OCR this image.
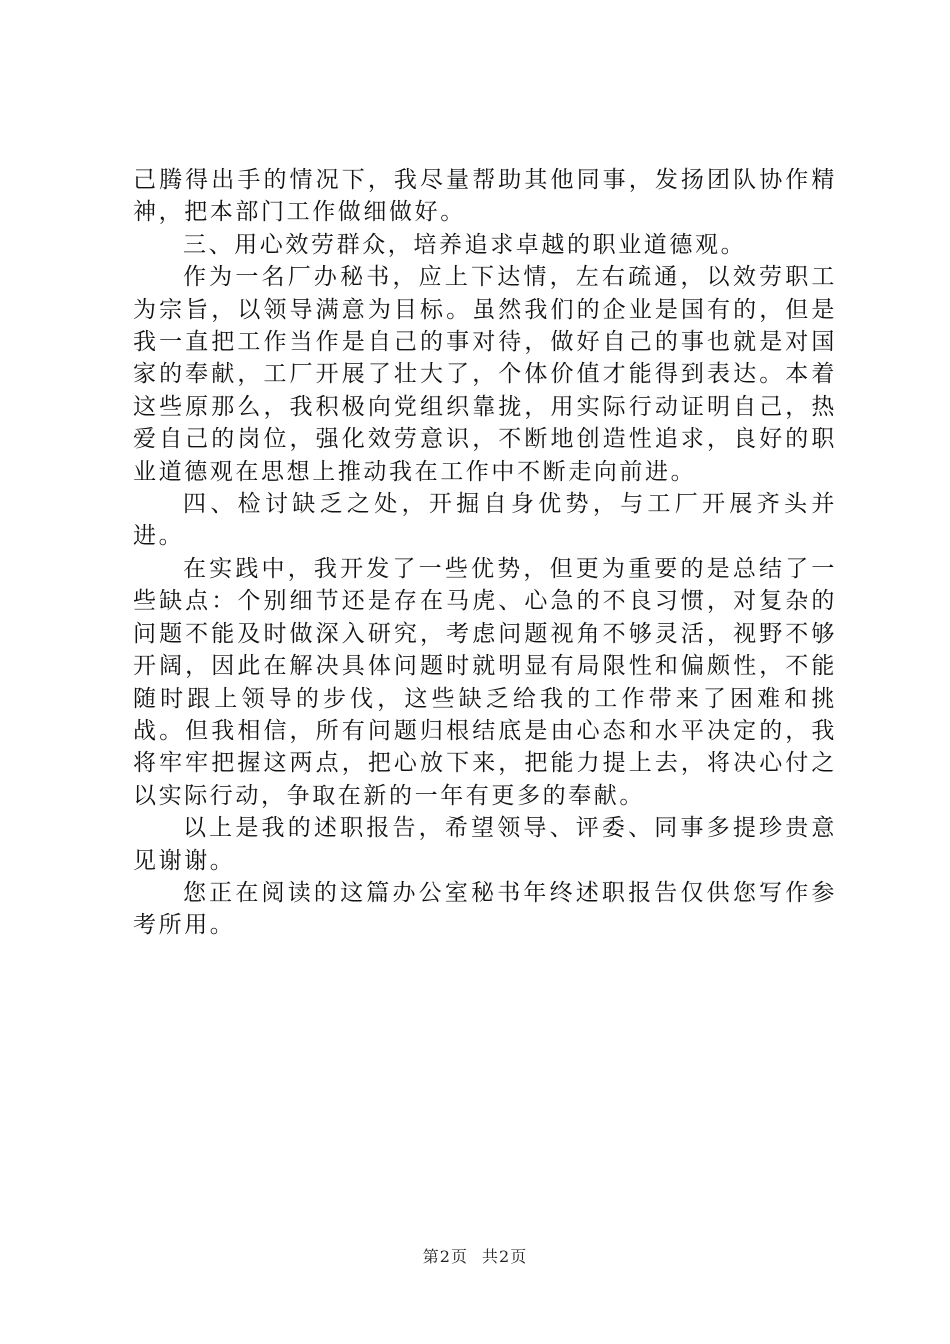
己腾得出手的情况下，我尽量帮助其他同事，发扬团队协作精神，把本部门工作做细做好。

三、用心效劳群众，培养追求卓越的职业道德观。

作为一名厂办秘书，应上下达情，左右疏通，以效劳职工为宗旨，以领导满意为目标。虽然我们的企业是国有的，但是我一直把工作当作是自己的事对待，做好自己的事也就是对国家的奉献，工厂开展了壮大了，个体价值才能得到表达。本着这些原那么，我积极向党组织靠拢，用实际行动证明自己，热爱自己的岗位，强化效劳意识，不断地创造性追求，良好的职业道德观在思想上推动我在工作中不断走向前进。

四、检讨缺乏之处，开掘自身优势，与工厂开展齐头并进。

在实践中，我开发了一些优势，但更为重要的是总结了一些缺点：个别细节还是存在马虎、心急的不良习惯，对复杂的问题不能及时做深入研究，考虑问题视角不够灵活，视野不够开阔，因此在解决具体问题时就明显有局限性和偏颇性，不能随时跟上领导的步伐，这些缺乏给我的工作带来了困难和挑战。但我相信，所有问题归根结底是由心态和水平决定的，我将牢牢把握这两点，把心放下来，把能力提上去，将决心付之以实际行动，争取在新的一年有更多的奉献。

以上是我的述职报告，希望领导、评委、同事多提珍贵意见谢谢。

您正在阅读的这篇办公室秘书年终述职报告仅供您写作参考所用。

第2页 共2页
